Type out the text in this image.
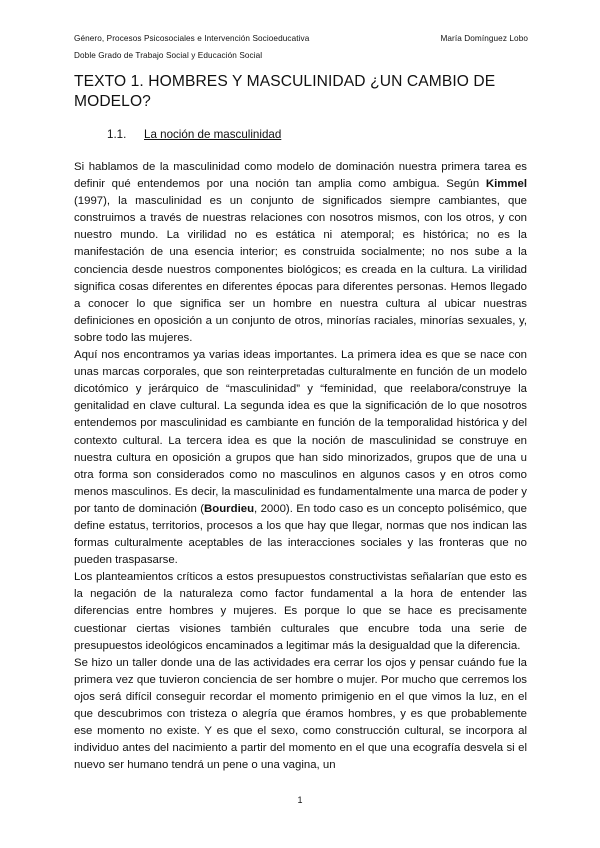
Género, Procesos Psicosociales e Intervención Socioeducativa	María Domínguez Lobo
Doble Grado de Trabajo Social y Educación Social
TEXTO 1. HOMBRES Y MASCULINIDAD ¿UN CAMBIO DE MODELO?
1.1. La noción de masculinidad

Si hablamos de la masculinidad como modelo de dominación nuestra primera tarea es definir qué entendemos por una noción tan amplia como ambigua. Según Kimmel (1997), la masculinidad es un conjunto de significados siempre cambiantes, que construimos a través de nuestras relaciones con nosotros mismos, con los otros, y con nuestro mundo. La virilidad no es estática ni atemporal; es histórica; no es la manifestación de una esencia interior; es construida socialmente; no nos sube a la conciencia desde nuestros componentes biológicos; es creada en la cultura. La virilidad significa cosas diferentes en diferentes épocas para diferentes personas. Hemos llegado a conocer lo que significa ser un hombre en nuestra cultura al ubicar nuestras definiciones en oposición a un conjunto de otros, minorías raciales, minorías sexuales, y, sobre todo las mujeres.

Aquí nos encontramos ya varias ideas importantes. La primera idea es que se nace con unas marcas corporales, que son reinterpretadas culturalmente en función de un modelo dicotómico y jerárquico de “masculinidad” y “feminidad, que reelabora/construye la genitalidad en clave cultural. La segunda idea es que la significación de lo que nosotros entendemos por masculinidad es cambiante en función de la temporalidad histórica y del contexto cultural. La tercera idea es que la noción de masculinidad se construye en nuestra cultura en oposición a grupos que han sido minorizados, grupos que de una u otra forma son considerados como no masculinos en algunos casos y en otros como menos masculinos. Es decir, la masculinidad es fundamentalmente una marca de poder y por tanto de dominación (Bourdieu, 2000). En todo caso es un concepto polisémico, que define estatus, territorios, procesos a los que hay que llegar, normas que nos indican las formas culturalmente aceptables de las interacciones sociales y las fronteras que no pueden traspasarse.

Los planteamientos críticos a estos presupuestos constructivistas señalarían que esto es la negación de la naturaleza como factor fundamental a la hora de entender las diferencias entre hombres y mujeres. Es porque lo que se hace es precisamente cuestionar ciertas visiones también culturales que encubre toda una serie de presupuestos ideológicos encaminados a legitimar más la desigualdad que la diferencia.

Se hizo un taller donde una de las actividades era cerrar los ojos y pensar cuándo fue la primera vez que tuvieron conciencia de ser hombre o mujer. Por mucho que cerremos los ojos será difícil conseguir recordar el momento primigenio en el que vimos la luz, en el que descubrimos con tristeza o alegría que éramos hombres, y es que probablemente ese momento no existe. Y es que el sexo, como construcción cultural, se incorpora al individuo antes del nacimiento a partir del momento en el que una ecografía desvela si el nuevo ser humano tendrá un pene o una vagina, un

1
